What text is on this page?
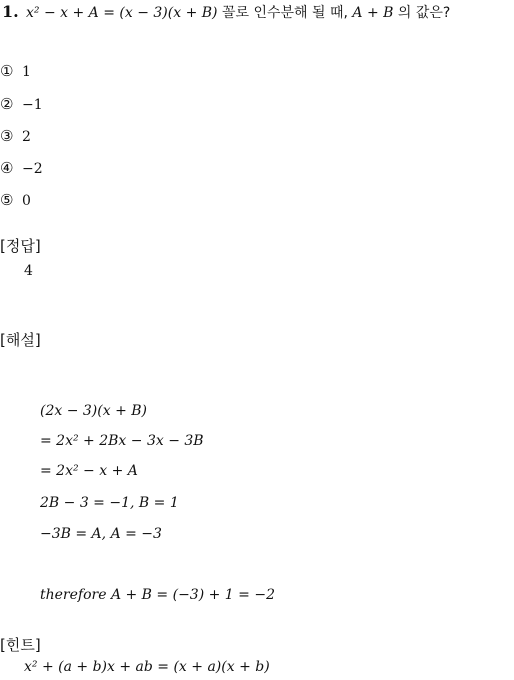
1. x² − x + A = (x − 3)(x + B) 꼴로 인수분해 될 때, A + B 의 값은?
① 1
② −1
③ 2
④ −2
⑤ 0
[정답]
4
[해설]
(2x − 3)(x + B)
= 2x² + 2Bx − 3x − 3B
= 2x² − x + A
2B − 3 = −1, B = 1
−3B = A, A = −3
therefore A + B = (−3) + 1 = −2
[힌트]
x² + (a + b)x + ab = (x + a)(x + b)
